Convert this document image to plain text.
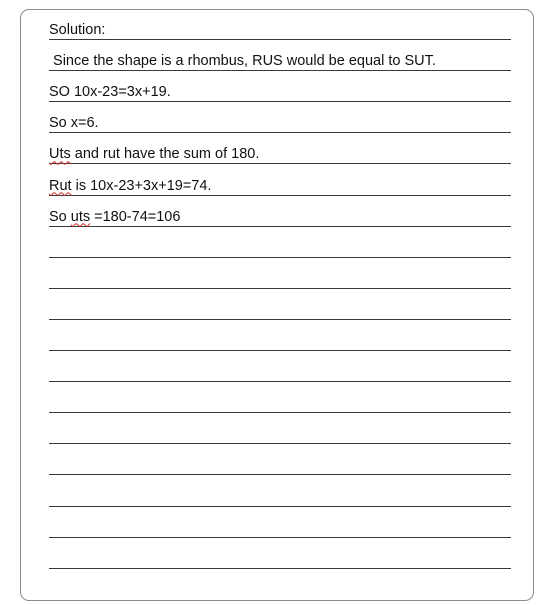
Solution:
Since the shape is a rhombus, RUS would be equal to SUT.
SO 10x-23=3x+19.
So x=6.
Uts and rut have the sum of 180.
Rut is 10x-23+3x+19=74.
So uts =180-74=106
